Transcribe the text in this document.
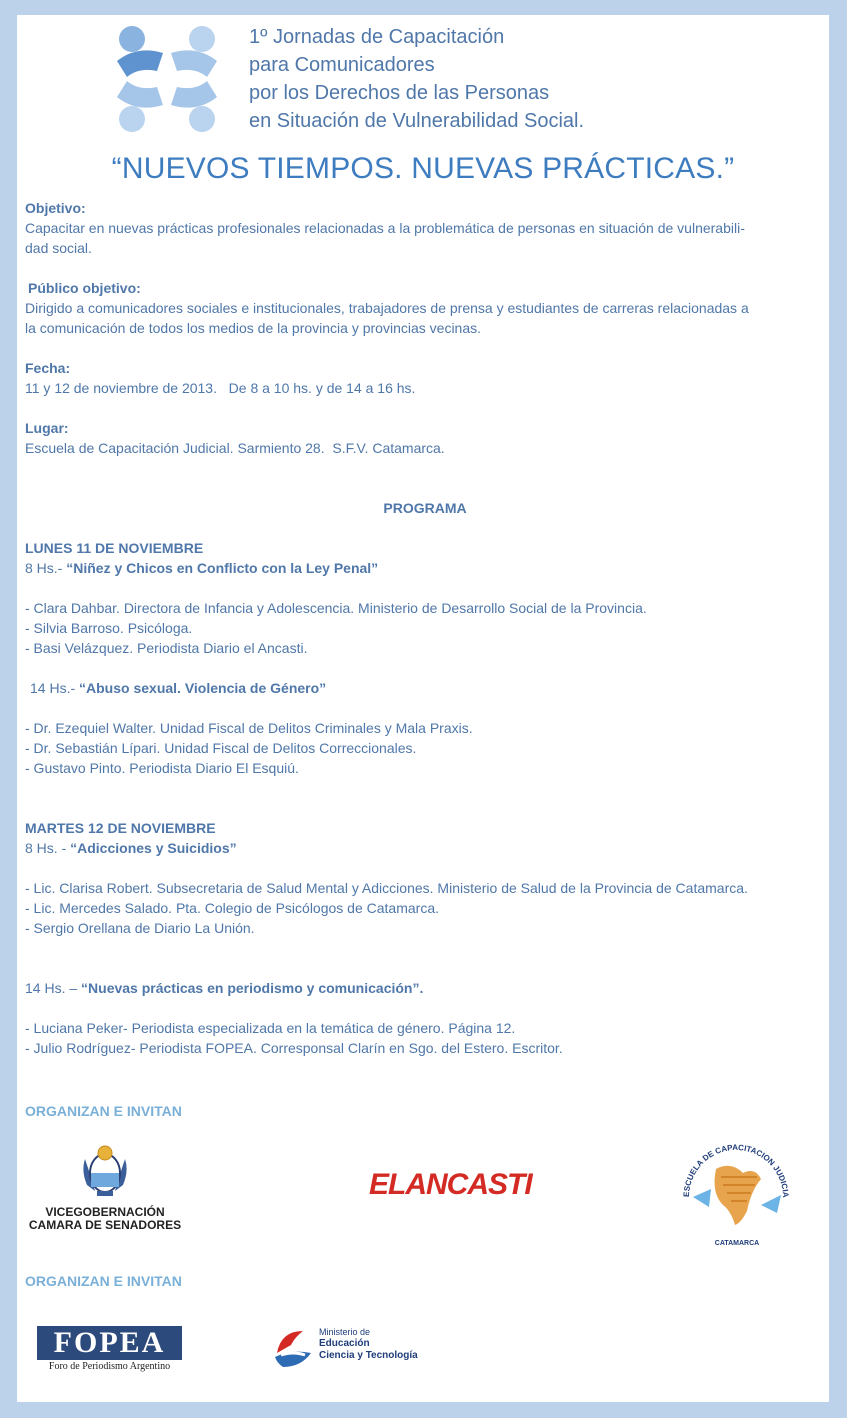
1º Jornadas de Capacitación
para Comunicadores
por los Derechos de las Personas
en Situación de Vulnerabilidad Social.
“NUEVOS TIEMPOS. NUEVAS PRÁCTICAS.”
Objetivo:
Capacitar en nuevas prácticas profesionales relacionadas a la problemática de personas en situación de vulnerabili-
dad social.
Público objetivo:
Dirigido a comunicadores sociales e institucionales, trabajadores de prensa y estudiantes de carreras relacionadas a
la comunicación de todos los medios de la provincia y provincias vecinas.
Fecha:
11 y 12 de noviembre de 2013.   De 8 a 10 hs. y de 14 a 16 hs.
Lugar:
Escuela de Capacitación Judicial. Sarmiento 28.  S.F.V. Catamarca.
PROGRAMA
LUNES 11 DE NOVIEMBRE
8 Hs.- “Niñez y Chicos en Conflicto con la Ley Penal”
- Clara Dahbar. Directora de Infancia y Adolescencia. Ministerio de Desarrollo Social de la Provincia.
- Silvia Barroso. Psicóloga.
- Basi Velázquez. Periodista Diario el Ancasti.
14 Hs.- “Abuso sexual. Violencia de Género”
- Dr. Ezequiel Walter. Unidad Fiscal de Delitos Criminales y Mala Praxis.
- Dr. Sebastián Lípari. Unidad Fiscal de Delitos Correccionales.
- Gustavo Pinto. Periodista Diario El Esquiú.
MARTES 12 DE NOVIEMBRE
8 Hs. - “Adicciones y Suicidios”
- Lic. Clarisa Robert. Subsecretaria de Salud Mental y Adicciones. Ministerio de Salud de la Provincia de Catamarca.
- Lic. Mercedes Salado. Pta. Colegio de Psicólogos de Catamarca.
- Sergio Orellana de Diario La Unión.
14 Hs. – “Nuevas prácticas en periodismo y comunicación”.
- Luciana Peker- Periodista especializada en la temática de género. Página 12.
- Julio Rodríguez- Periodista FOPEA. Corresponsal Clarín en Sgo. del Estero. Escritor.
ORGANIZAN E INVITAN
VICEGOBERNACIÓN
CAMARA DE SENADORES
ELANCASTI	ESCUELA DE CAPACITACION JUDICIA
CATAMARCA
ORGANIZAN E INVITAN
FOPEA
Foro de Periodismo Argentino
Ministerio de
Educación
Ciencia y Tecnología
